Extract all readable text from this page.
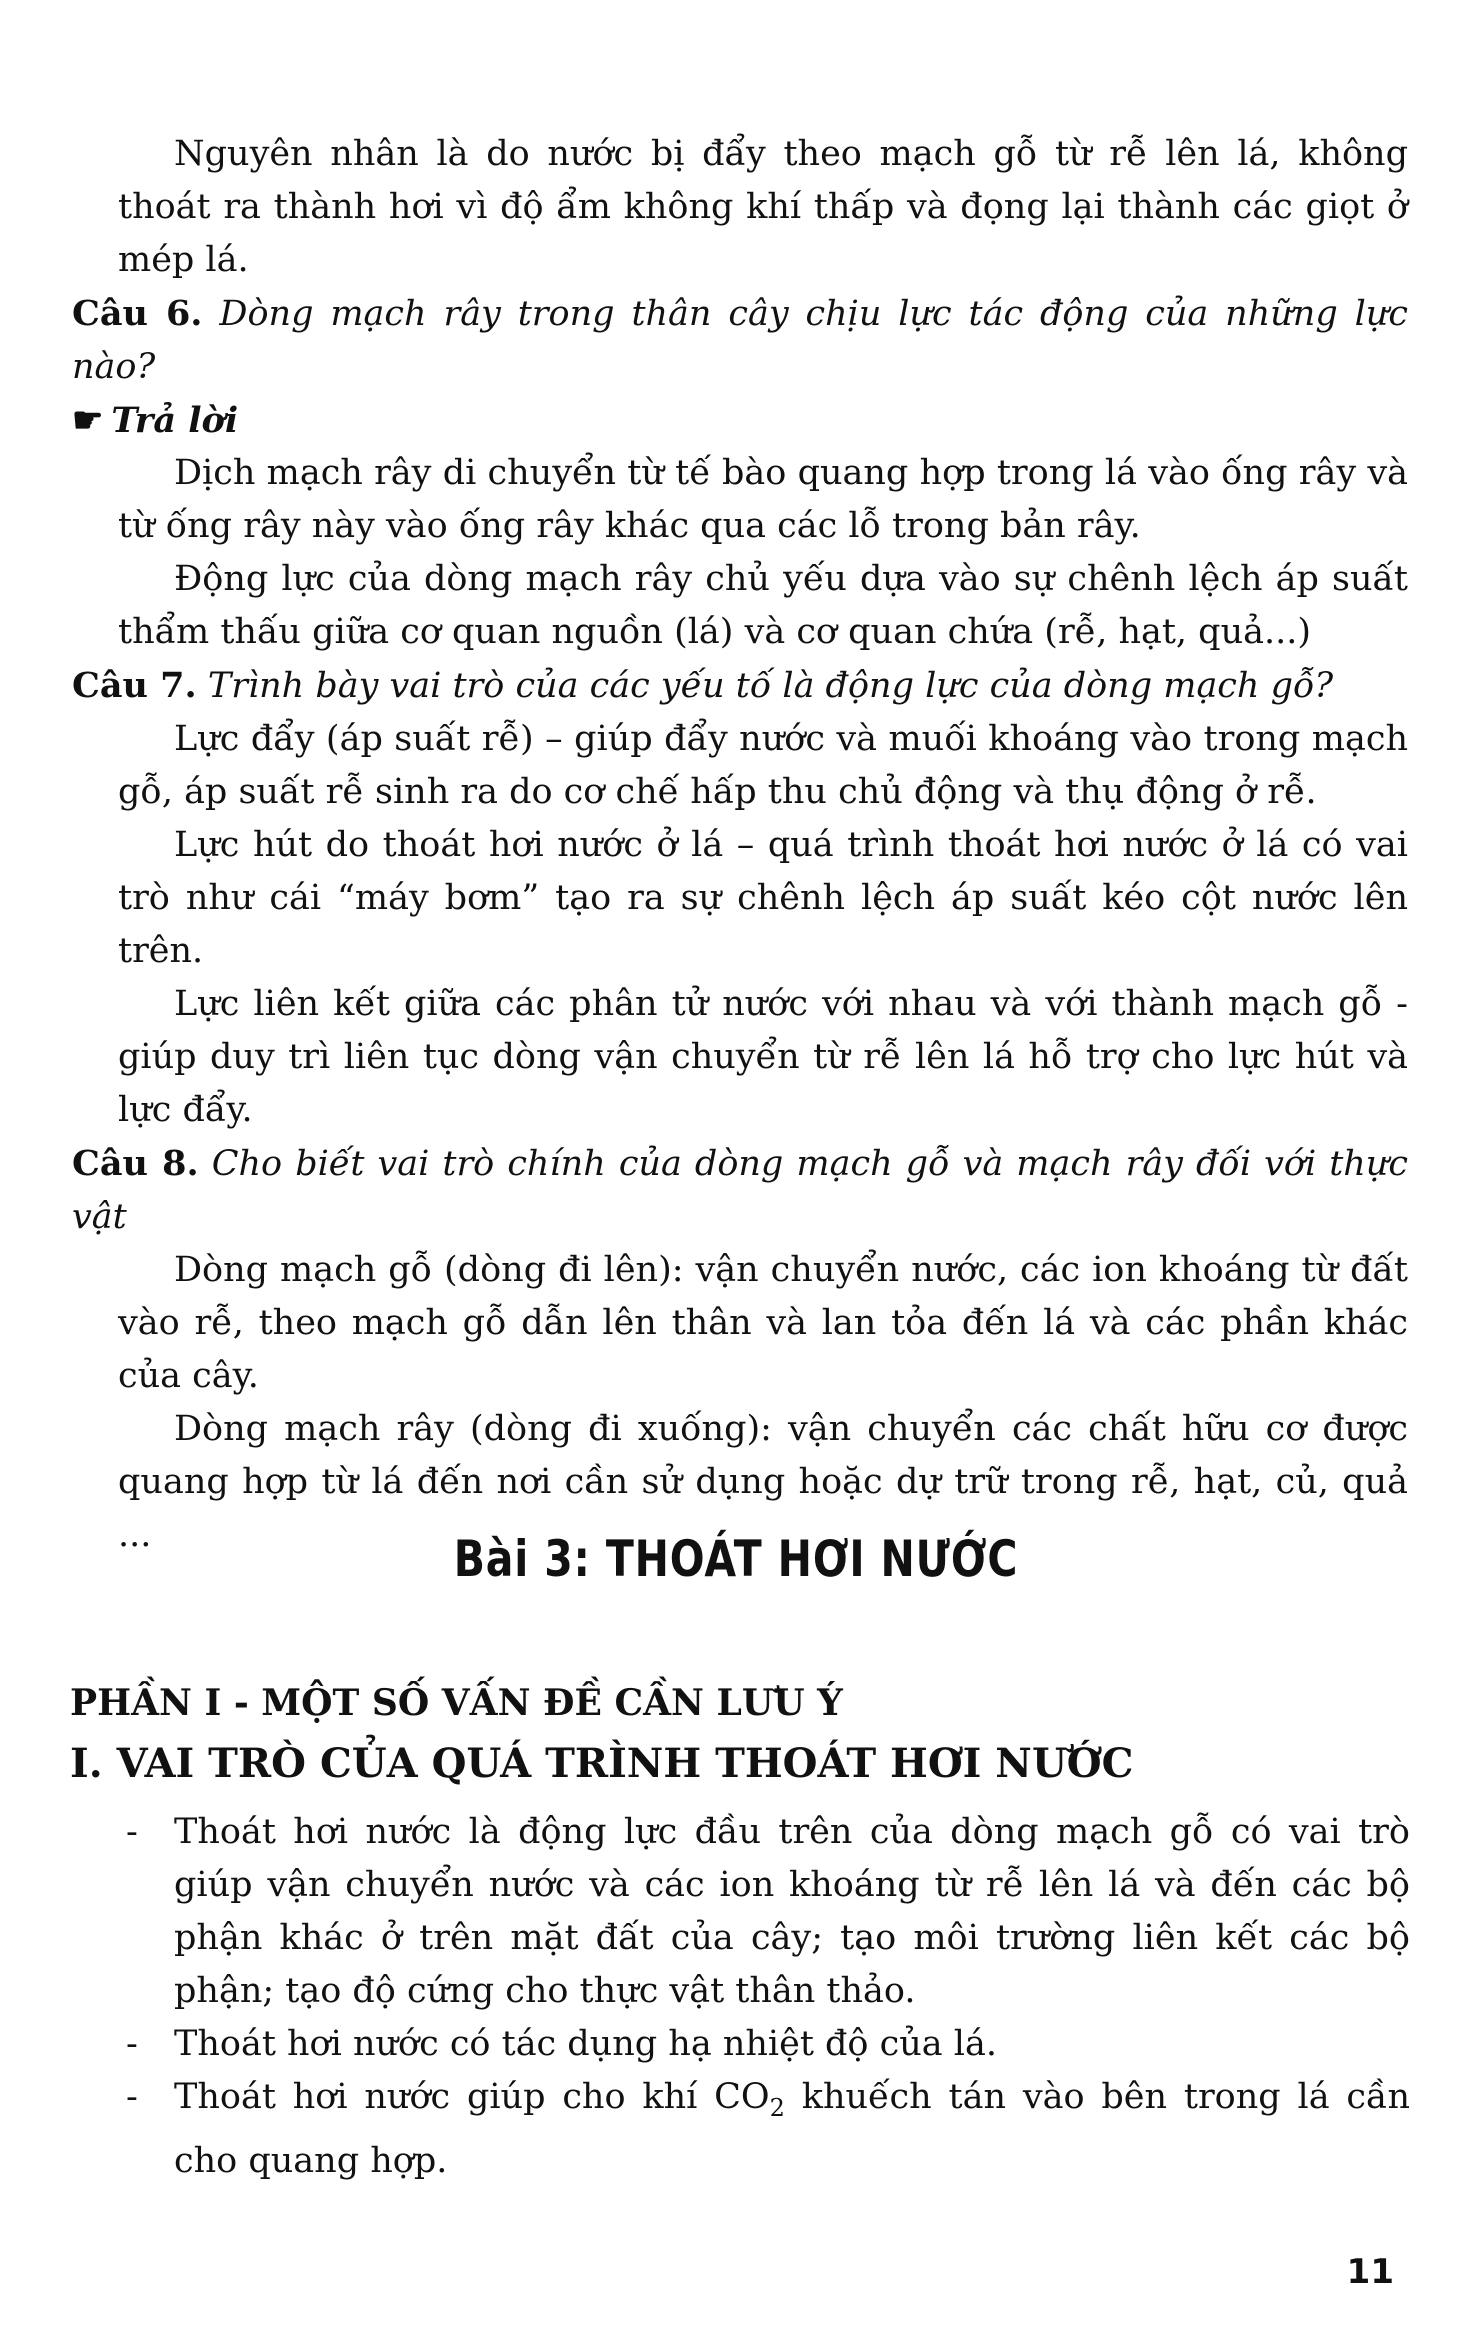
Nguyên nhân là do nước bị đẩy theo mạch gỗ từ rễ lên lá, không thoát ra thành hơi vì độ ẩm không khí thấp và đọng lại thành các giọt ở mép lá.

Câu 6. Dòng mạch rây trong thân cây chịu lực tác động của những lực nào?

☛ Trả lời

Dịch mạch rây di chuyển từ tế bào quang hợp trong lá vào ống rây và từ ống rây này vào ống rây khác qua các lỗ trong bản rây.

Động lực của dòng mạch rây chủ yếu dựa vào sự chênh lệch áp suất thẩm thấu giữa cơ quan nguồn (lá) và cơ quan chứa (rễ, hạt, quả...)

Câu 7. Trình bày vai trò của các yếu tố là động lực của dòng mạch gỗ?

Lực đẩy (áp suất rễ) – giúp đẩy nước và muối khoáng vào trong mạch gỗ, áp suất rễ sinh ra do cơ chế hấp thu chủ động và thụ động ở rễ.

Lực hút do thoát hơi nước ở lá – quá trình thoát hơi nước ở lá có vai trò như cái “máy bơm” tạo ra sự chênh lệch áp suất kéo cột nước lên trên.

Lực liên kết giữa các phân tử nước với nhau và với thành mạch gỗ - giúp duy trì liên tục dòng vận chuyển từ rễ lên lá hỗ trợ cho lực hút và lực đẩy.

Câu 8. Cho biết vai trò chính của dòng mạch gỗ và mạch rây đối với thực vật

Dòng mạch gỗ (dòng đi lên): vận chuyển nước, các ion khoáng từ đất vào rễ, theo mạch gỗ dẫn lên thân và lan tỏa đến lá và các phần khác của cây.

Dòng mạch rây (dòng đi xuống): vận chuyển các chất hữu cơ được quang hợp từ lá đến nơi cần sử dụng hoặc dự trữ trong rễ, hạt, củ, quả ...	Bài 3: THOÁT HƠI NƯỚC
PHẦN I - MỘT SỐ VẤN ĐỀ CẦN LƯU Ý
I. VAI TRÒ CỦA QUÁ TRÌNH THOÁT HƠI NƯỚC
- Thoát hơi nước là động lực đầu trên của dòng mạch gỗ có vai trò giúp vận chuyển nước và các ion khoáng từ rễ lên lá và đến các bộ phận khác ở trên mặt đất của cây; tạo môi trường liên kết các bộ phận; tạo độ cứng cho thực vật thân thảo.
- Thoát hơi nước có tác dụng hạ nhiệt độ của lá.
- Thoát hơi nước giúp cho khí $CO_2$ khuếch tán vào bên trong lá cần cho quang hợp.
11
